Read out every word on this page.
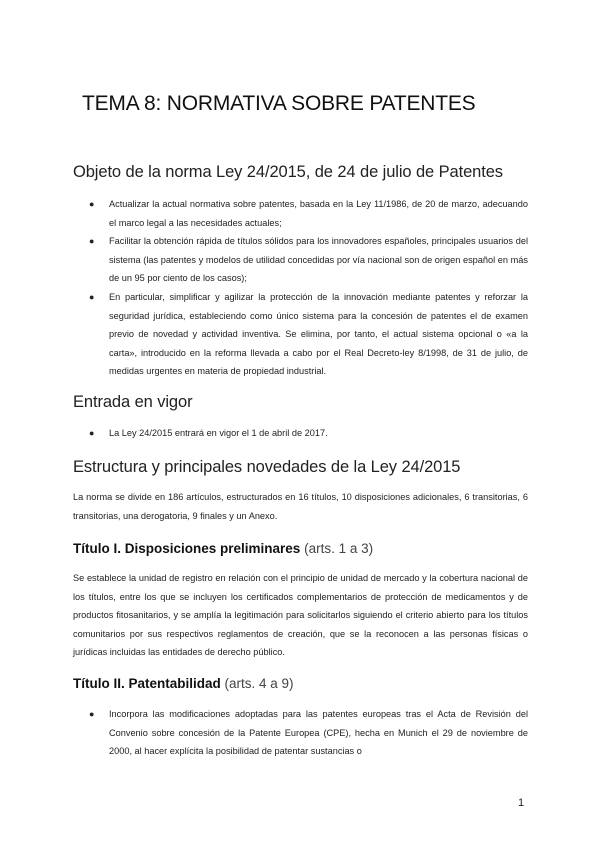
TEMA 8: NORMATIVA SOBRE PATENTES
Objeto de la norma Ley 24/2015, de 24 de julio de Patentes
● Actualizar la actual normativa sobre patentes, basada en la Ley 11/1986, de 20 de marzo, adecuando el marco legal a las necesidades actuales;
● Facilitar la obtención rápida de títulos sólidos para los innovadores españoles, principales usuarios del sistema (las patentes y modelos de utilidad concedidas por vía nacional son de origen español en más de un 95 por ciento de los casos);
● En particular, simplificar y agilizar la protección de la innovación mediante patentes y reforzar la seguridad jurídica, estableciendo como único sistema para la concesión de patentes el de examen previo de novedad y actividad inventiva. Se elimina, por tanto, el actual sistema opcional o «a la carta», introducido en la reforma llevada a cabo por el Real Decreto-ley 8/1998, de 31 de julio, de medidas urgentes en materia de propiedad industrial.
Entrada en vigor
● La Ley 24/2015 entrará en vigor el 1 de abril de 2017.
Estructura y principales novedades de la Ley 24/2015

La norma se divide en 186 artículos, estructurados en 16 títulos, 10 disposiciones adicionales, 6 transitorias, 6 transitorias, una derogatoria, 9 finales y un Anexo.

Título I. Disposiciones preliminares (arts. 1 a 3)

Se establece la unidad de registro en relación con el principio de unidad de mercado y la cobertura nacional de los títulos, entre los que se incluyen los certificados complementarios de protección de medicamentos y de productos fitosanitarios, y se amplía la legitimación para solicitarlos siguiendo el criterio abierto para los títulos comunitarios por sus respectivos reglamentos de creación, que se la reconocen a las personas físicas o jurídicas incluidas las entidades de derecho público.

Título II. Patentabilidad (arts. 4 a 9)
● Incorpora las modificaciones adoptadas para las patentes europeas tras el Acta de Revisión del Convenio sobre concesión de la Patente Europea (CPE), hecha en Munich el 29 de noviembre de 2000, al hacer explícita la posibilidad de patentar sustancias o
1
